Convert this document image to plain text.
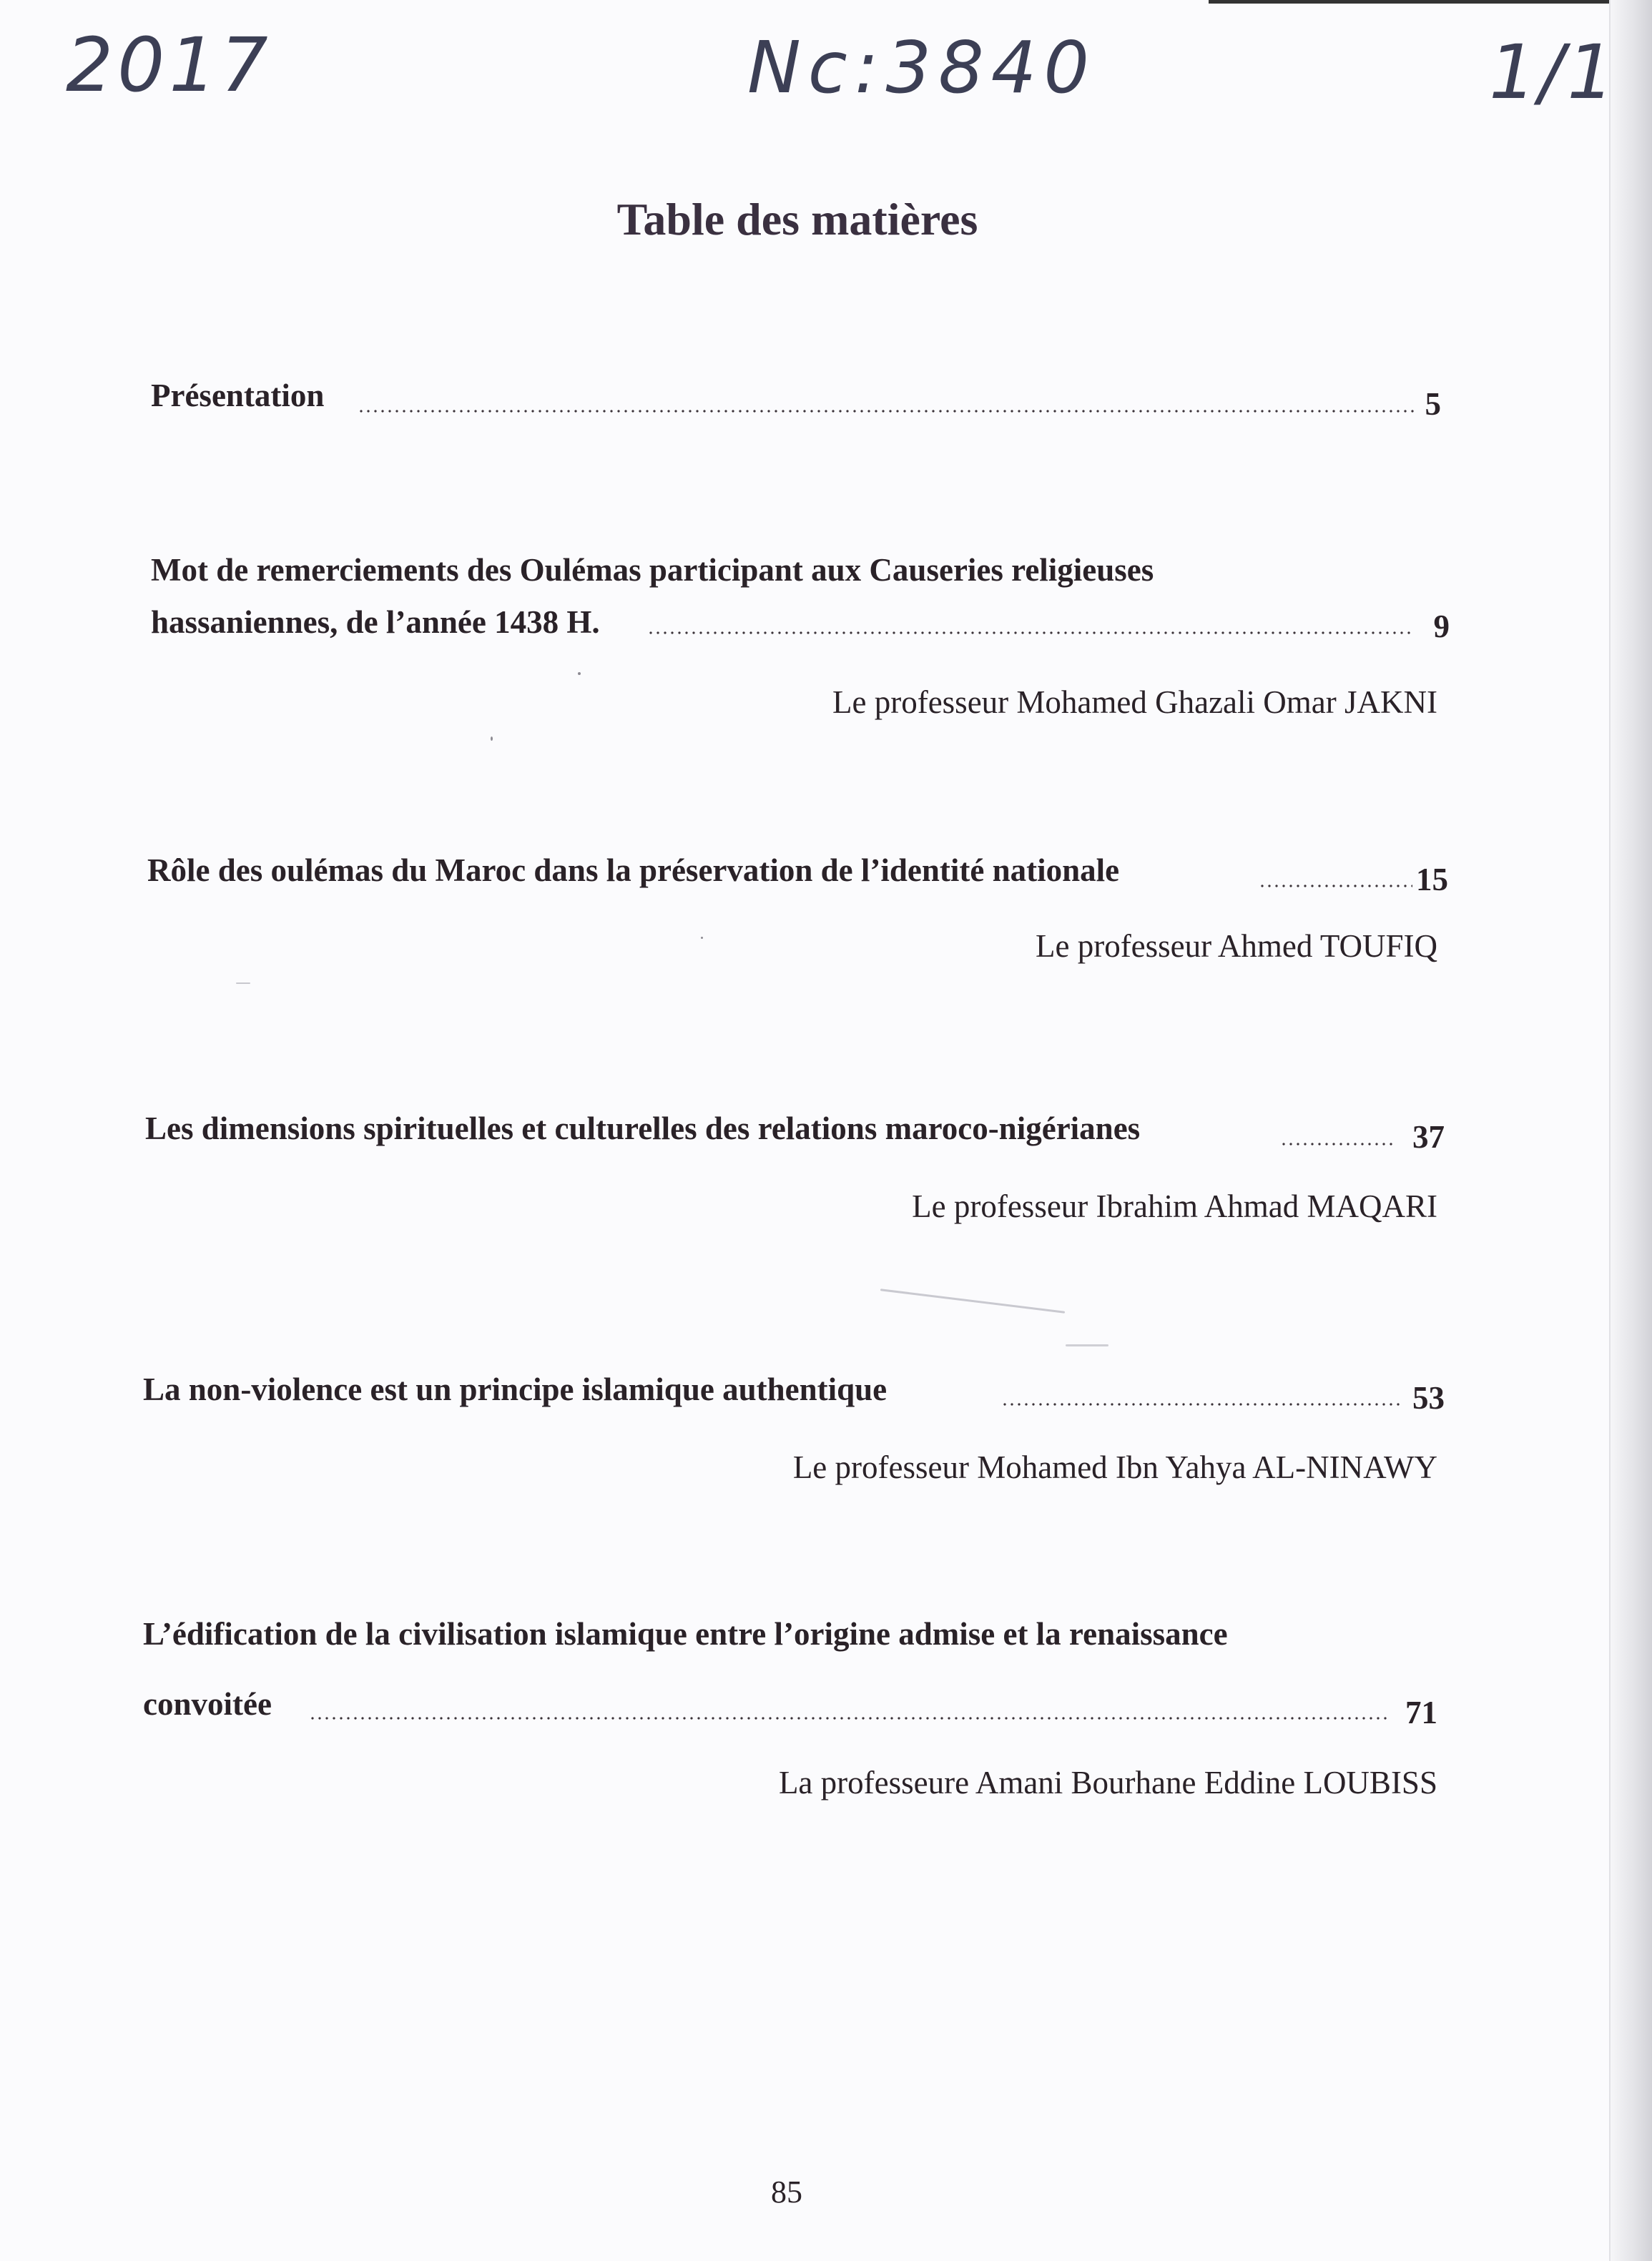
2017	Nc:3840	1/1
Table des matières
Présentation	5
Mot de remerciements des Oulémas participant aux Causeries religieuses
hassaniennes, de l’année 1438 H.	9
Le professeur Mohamed Ghazali Omar JAKNI
Rôle des oulémas du Maroc dans la préservation de l’identité nationale	15
Le professeur Ahmed TOUFIQ
Les dimensions spirituelles et culturelles des relations maroco-nigérianes	37
Le professeur Ibrahim Ahmad MAQARI
La non-violence est un principe islamique authentique	53
Le professeur Mohamed Ibn Yahya AL-NINAWY
L’édification de la civilisation islamique entre l’origine admise et la renaissance
convoitée	71
La professeure Amani Bourhane Eddine LOUBISS
85
